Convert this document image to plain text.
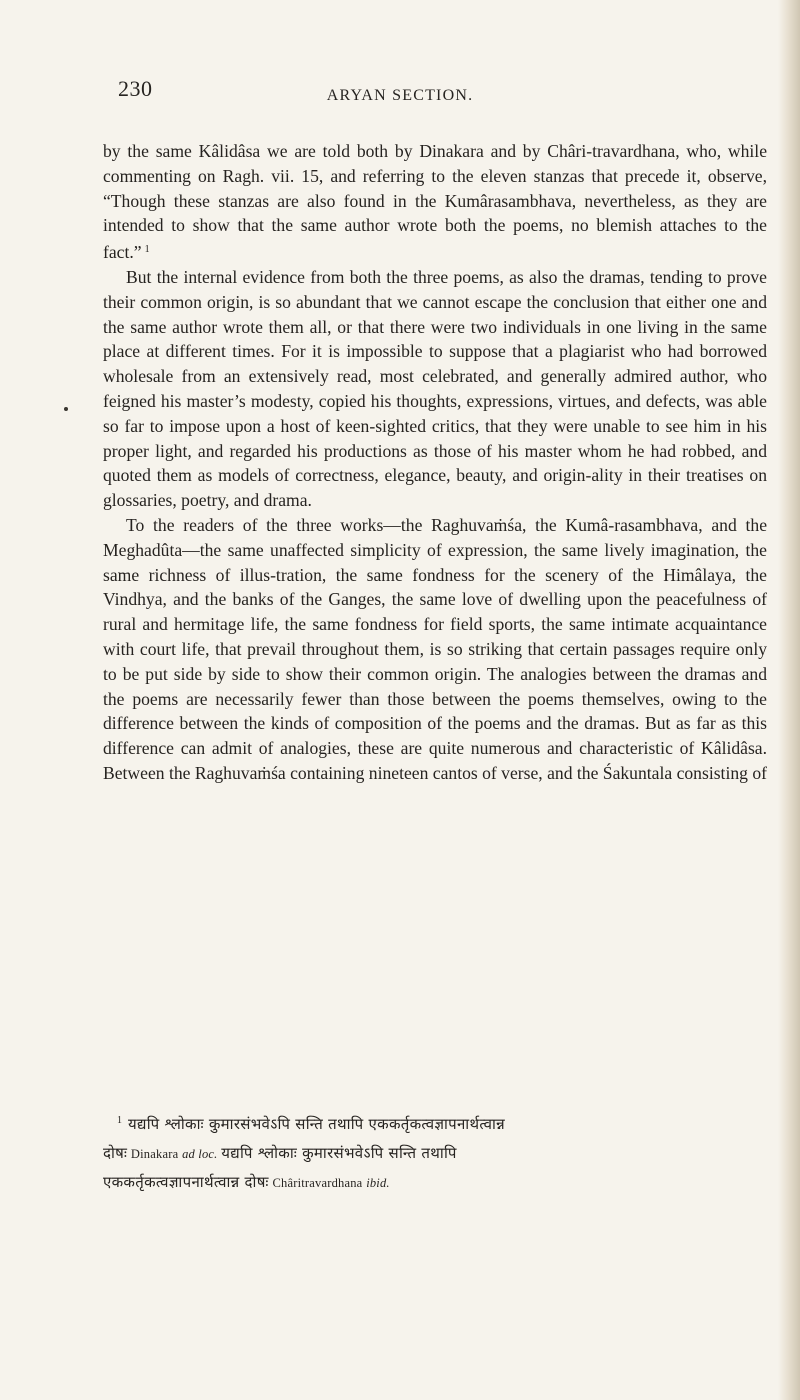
230	ARYAN SECTION.

by the same Kâlidâsa we are told both by Dinakara and by Châri-travardhana, who, while commenting on Ragh. vii. 15, and referring to the eleven stanzas that precede it, observe, “Though these stanzas are also found in the Kumârasambhava, nevertheless, as they are intended to show that the same author wrote both the poems, no blemish attaches to the fact.” $^1$

But the internal evidence from both the three poems, as also the dramas, tending to prove their common origin, is so abundant that we cannot escape the conclusion that either one and the same author wrote them all, or that there were two individuals in one living in the same place at different times. For it is impossible to suppose that a plagiarist who had borrowed wholesale from an extensively read, most celebrated, and generally admired author, who feigned his master’s modesty, copied his thoughts, expressions, virtues, and defects, was able so far to impose upon a host of keen-sighted critics, that they were unable to see him in his proper light, and regarded his productions as those of his master whom he had robbed, and quoted them as models of correctness, elegance, beauty, and origin-ality in their treatises on glossaries, poetry, and drama.

To the readers of the three works—the Raghuvaṁśa, the Kumâ-rasambhava, and the Meghadûta—the same unaffected simplicity of expression, the same lively imagination, the same richness of illus-tration, the same fondness for the scenery of the Himâlaya, the Vindhya, and the banks of the Ganges, the same love of dwelling upon the peacefulness of rural and hermitage life, the same fondness for field sports, the same intimate acquaintance with court life, that prevail throughout them, is so striking that certain passages require only to be put side by side to show their common origin. The analogies between the dramas and the poems are necessarily fewer than those between the poems themselves, owing to the difference between the kinds of composition of the poems and the dramas. But as far as this difference can admit of analogies, these are quite numerous and characteristic of Kâlidâsa. Between the Raghuvaṁśa containing nineteen cantos of verse, and the Śakuntala consisting of

$^1$ यद्यपि श्लोकाः कुमारसंभवेऽपि सन्ति तथापि एककर्तृकत्वज्ञापनार्थत्वान्न
दोषः Dinakara ad loc. यद्यपि श्लोकाः कुमारसंभवेऽपि सन्ति तथापि
एककर्तृकत्वज्ञापनार्थत्वान्न दोषः Châritravardhana ibid.
